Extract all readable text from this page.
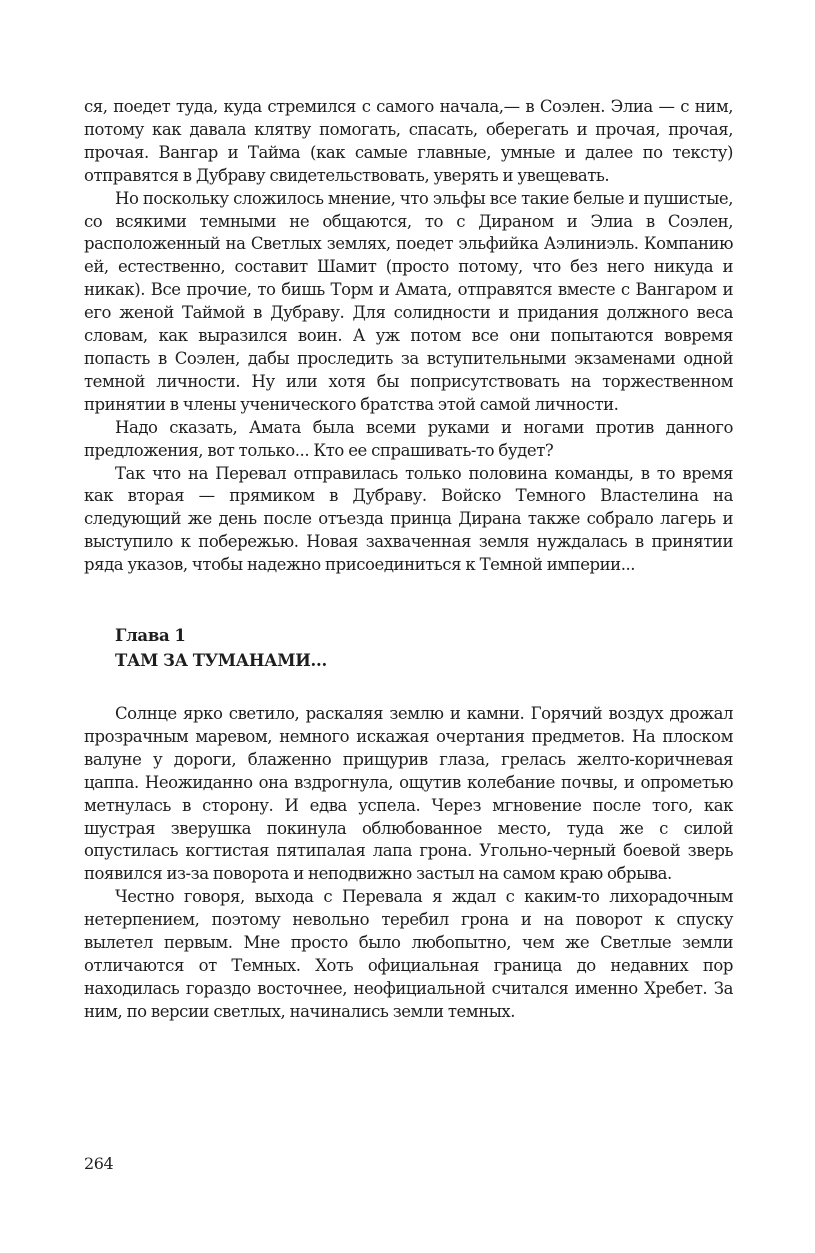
ся, поедет туда, куда стремился с самого начала,— в Соэлен. Элиа — с ним, потому как давала клятву помогать, спасать, оберегать и прочая, прочая, прочая. Вангар и Тайма (как самые главные, умные и далее по тексту) отправятся в Дубраву свидетельствовать, уверять и увещевать.

Но поскольку сложилось мнение, что эльфы все такие белые и пушистые, со всякими темными не общаются, то с Дираном и Элиа в Соэлен, расположенный на Светлых землях, поедет эльфийка Аэлиниэль. Компанию ей, естественно, составит Шамит (просто потому, что без него никуда и никак). Все прочие, то бишь Торм и Амата, отправятся вместе с Вангаром и его женой Таймой в Дубраву. Для солидности и придания должного веса словам, как выразился воин. А уж потом все они попытаются вовремя попасть в Соэлен, дабы проследить за вступительными экзаменами одной темной личности. Ну или хотя бы поприсутствовать на торжественном принятии в члены ученического братства этой самой личности.

Надо сказать, Амата была всеми руками и ногами против данного предложения, вот только... Кто ее спрашивать-то будет?

Так что на Перевал отправилась только половина команды, в то время как вторая — прямиком в Дубраву. Войско Темного Властелина на следующий же день после отъезда принца Дирана также собрало лагерь и выступило к побережью. Новая захваченная земля нуждалась в принятии ряда указов, чтобы надежно присоединиться к Темной империи...

Глава 1
ТАМ ЗА ТУМАНАМИ...

Солнце ярко светило, раскаляя землю и камни. Горячий воздух дрожал прозрачным маревом, немного искажая очертания предметов. На плоском валуне у дороги, блаженно прищурив глаза, грелась желто-коричневая цаппа. Неожиданно она вздрогнула, ощутив колебание почвы, и опрометью метнулась в сторону. И едва успела. Через мгновение после того, как шустрая зверушка покинула облюбованное место, туда же с силой опустилась когтистая пятипалая лапа грона. Угольно-черный боевой зверь появился из-за поворота и неподвижно застыл на самом краю обрыва.

Честно говоря, выхода с Перевала я ждал с каким-то лихорадочным нетерпением, поэтому невольно теребил грона и на поворот к спуску вылетел первым. Мне просто было любопытно, чем же Светлые земли отличаются от Темных. Хоть официальная граница до недавних пор находилась гораздо восточнее, неофициальной считался именно Хребет. За ним, по версии светлых, начинались земли темных.

264
